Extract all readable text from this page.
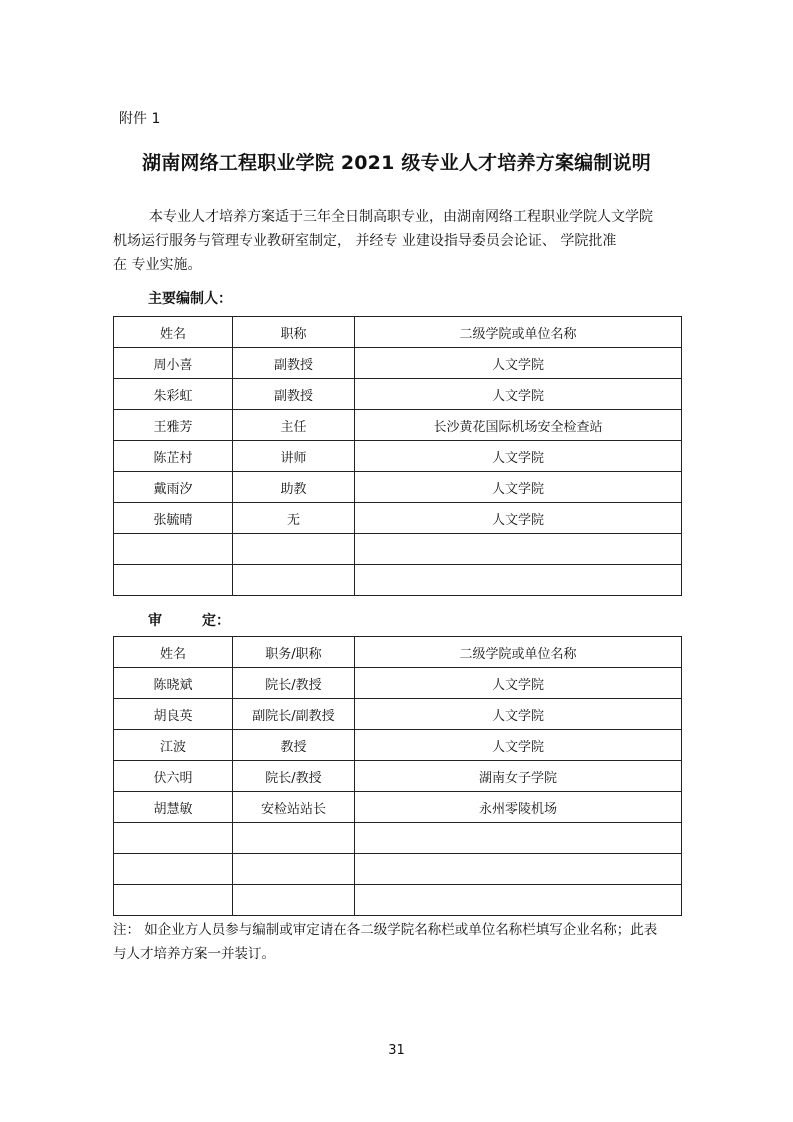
附件 1
湖南网络工程职业学院 2021 级专业人才培养方案编制说明

本专业人才培养方案适于三年全日制高职专业，由湖南网络工程职业学院人文学院

机场运行服务与管理专业教研室制定， 并经专 业建设指导委员会论证、 学院批准

在 专业实施。

主要编制人：
姓名	职称	二级学院或单位名称
周小喜	副教授	人文学院
朱彩虹	副教授	人文学院
王雅芳	主任	长沙黄花国际机场安全检查站
陈芷村	讲师	人文学院
戴雨汐	助教	人文学院
张毓晴	无	人文学院

审	定：
姓名	职务/职称	二级学院或单位名称
陈晓斌	院长/教授	人文学院
胡良英	副院长/副教授	人文学院
江波	教授	人文学院
伏六明	院长/教授	湖南女子学院
胡慧敏	安检站站长	永州零陵机场

注： 如企业方人员参与编制或审定请在各二级学院名称栏或单位名称栏填写企业名称；此表
与人才培养方案一并装订。
31
